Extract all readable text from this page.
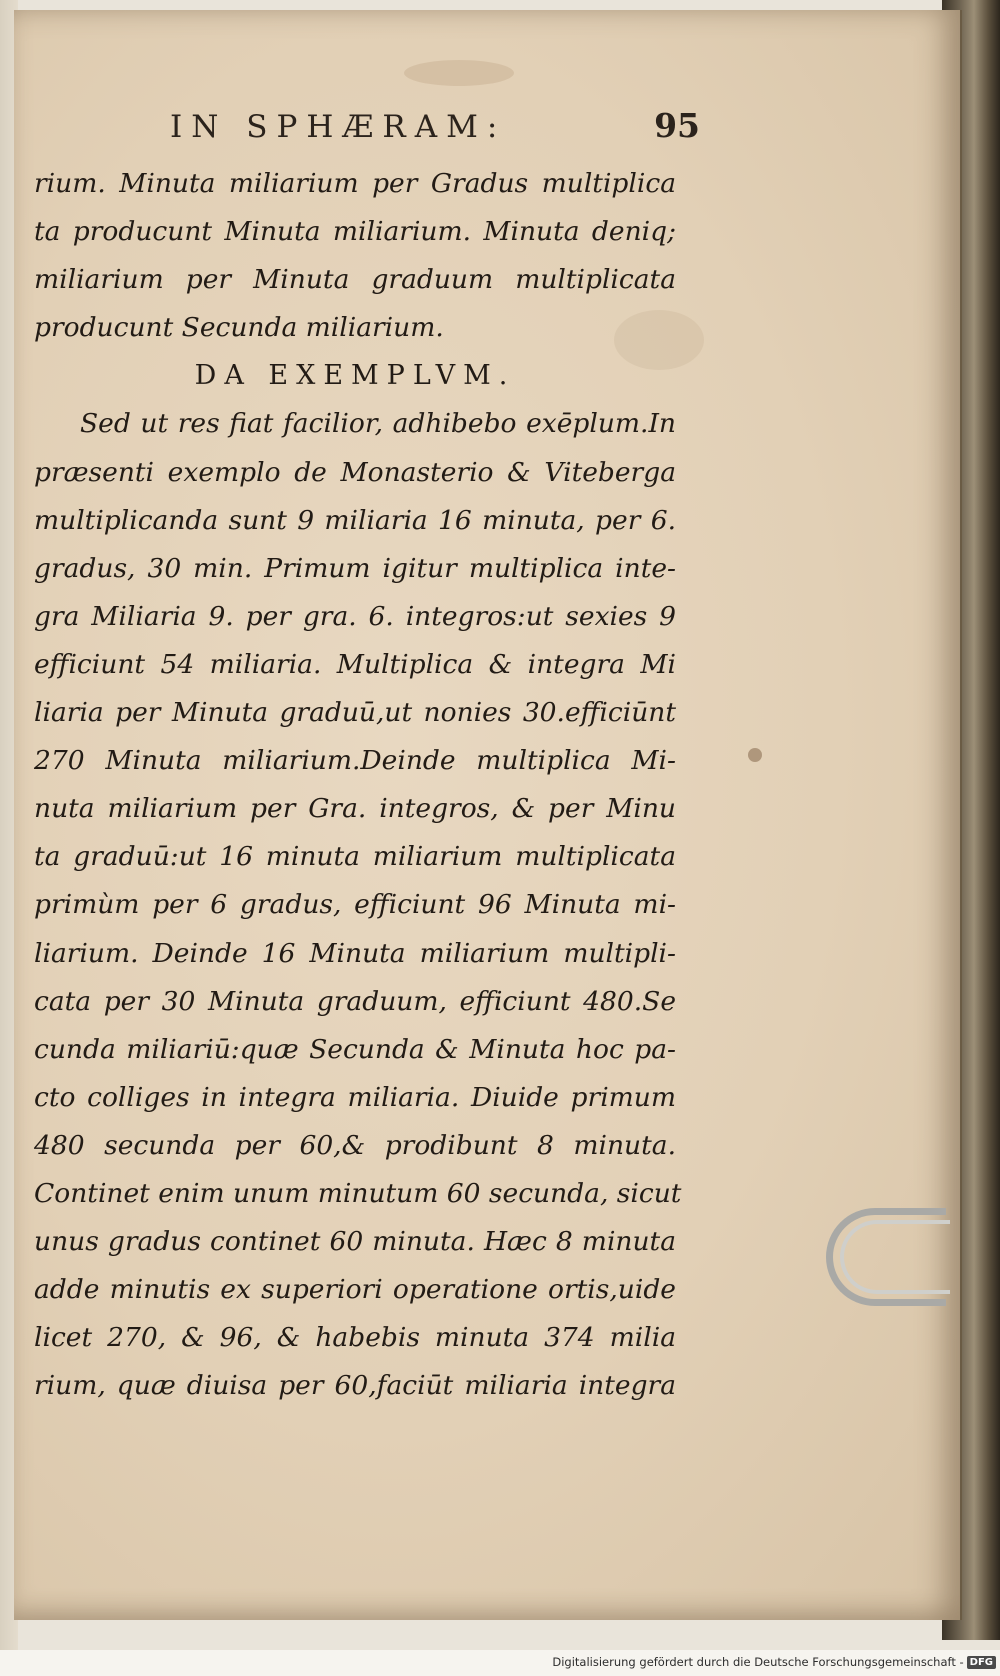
IN SPHÆRAM:	95
rium. Minuta miliarium per Gradus multiplica
ta producunt Minuta miliarium. Minuta deniq;
miliarium per Minuta graduum multiplicata
producunt Secunda miliarium.
DA EXEMPLVM.
Sed ut res fiat facilior, adhibebo exēplum.In
præsenti exemplo de Monasterio & Viteberga
multiplicanda sunt 9 miliaria 16 minuta, per 6.
gradus, 30 min. Primum igitur multiplica inte-
gra Miliaria 9. per gra. 6. integros:ut sexies 9
efficiunt 54 miliaria. Multiplica & integra Mi
liaria per Minuta graduū,ut nonies 30.efficiūnt
270 Minuta miliarium.Deinde multiplica Mi-
nuta miliarium per Gra. integros, & per Minu
ta graduū:ut 16 minuta miliarium multiplicata
primùm per 6 gradus, efficiunt 96 Minuta mi-
liarium. Deinde 16 Minuta miliarium multipli-
cata per 30 Minuta graduum, efficiunt 480.Se
cunda miliariū:quæ Secunda & Minuta hoc pa-
cto colliges in integra miliaria. Diuide primum
480 secunda per 60,& prodibunt 8 minuta.
Continet enim unum minutum 60 secunda, sicut
unus gradus continet 60 minuta. Hæc 8 minuta
adde minutis ex superiori operatione ortis,uide
licet 270, & 96, & habebis minuta 374 milia
rium, quæ diuisa per 60,faciūt miliaria integra
Digitalisierung gefördert durch die Deutsche Forschungsgemeinschaft - DFG
